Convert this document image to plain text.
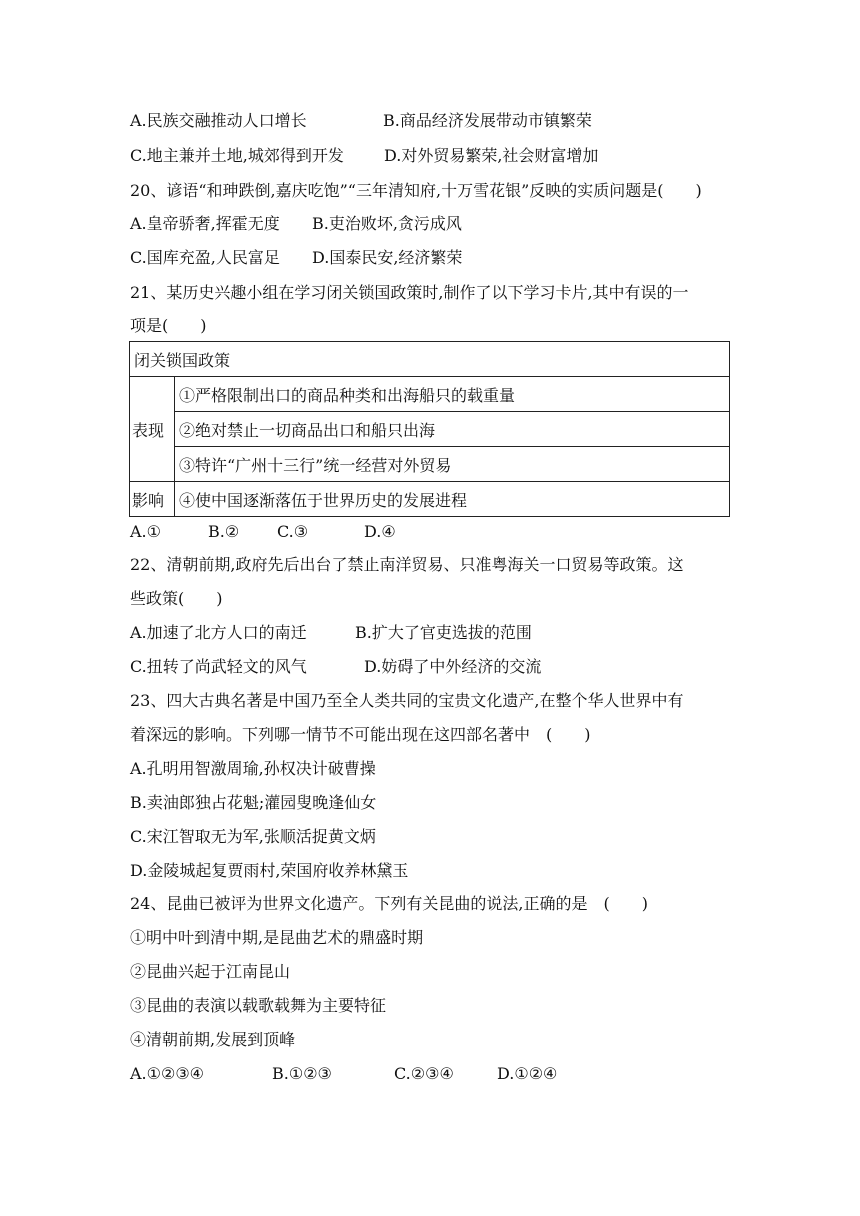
A.民族交融推动人口增长	B.商品经济发展带动市镇繁荣
C.地主兼并土地,城郊得到开发	D.对外贸易繁荣,社会财富增加
20、谚语“和珅跌倒,嘉庆吃饱”“三年清知府,十万雪花银”反映的实质问题是(　　)
A.皇帝骄奢,挥霍无度 B.吏治败坏,贪污成风
C.国库充盈,人民富足 D.国泰民安,经济繁荣
21、某历史兴趣小组在学习闭关锁国政策时,制作了以下学习卡片,其中有误的一
项是(　　)
闭关锁国政策	
表现	①严格限制出口的商品种类和出海船只的载重量
	②绝对禁止一切商品出口和船只出海
	③特许“广州十三行”统一经营对外贸易
影响	④使中国逐渐落伍于世界历史的发展进程
A.①	B.② C.③	D.④
22、清朝前期,政府先后出台了禁止南洋贸易、只准粤海关一口贸易等政策。这
些政策(　　)
A.加速了北方人口的南迁	B.扩大了官吏选拔的范围
C.扭转了尚武轻文的风气	D.妨碍了中外经济的交流
23、四大古典名著是中国乃至全人类共同的宝贵文化遗产,在整个华人世界中有
着深远的影响。下列哪一情节不可能出现在这四部名著中　(　　)
A.孔明用智激周瑜,孙权决计破曹操
B.卖油郎独占花魁;灌园叟晚逢仙女
C.宋江智取无为军,张顺活捉黄文炳
D.金陵城起复贾雨村,荣国府收养林黛玉
24、昆曲已被评为世界文化遗产。下列有关昆曲的说法,正确的是　(　　)
①明中叶到清中期,是昆曲艺术的鼎盛时期
②昆曲兴起于江南昆山
③昆曲的表演以载歌载舞为主要特征
④清朝前期,发展到顶峰
A.①②③④	B.①②③	C.②③④	D.①②④
